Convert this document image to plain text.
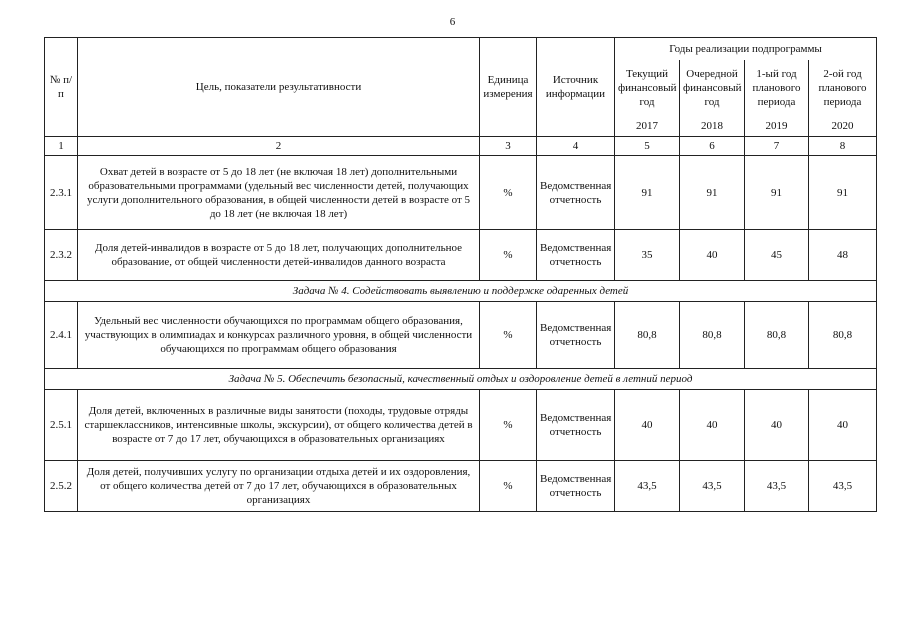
6
№ п/п	Цель, показатели результативности	Единица измерения	Источник информации	Годы реализации подпрограммы			
				Текущий финансовый год	Очередной финансовый год	1-ый год планового периода	2-ой год планового периода
				2017	2018	2019	2020
1	2	3	4	5	6	7	8
2.3.1	Охват детей в возрасте от 5 до 18 лет (не включая 18 лет) дополнительными образовательными программами (удельный вес численности детей, получающих услуги дополнительного образования, в общей численности детей в возрасте от 5 до 18 лет (не включая 18 лет)	%	Ведомственная отчетность	91	91	91	91
2.3.2	Доля детей-инвалидов в возрасте от 5 до 18 лет, получающих дополнительное образование, от общей численности детей-инвалидов данного возраста	%	Ведомственная отчетность	35	40	45	48
Задача № 4. Содействовать выявлению и поддержке одаренных детей							
2.4.1	Удельный вес численности обучающихся по программам общего образования, участвующих в олимпиадах и конкурсах различного уровня, в общей численности обучающихся по программам общего образования	%	Ведомственная отчетность	80,8	80,8	80,8	80,8
Задача № 5. Обеспечить безопасный, качественный отдых и оздоровление детей в летний период							
2.5.1	Доля детей, включенных в различные виды занятости (походы, трудовые отряды старшеклассников, интенсивные школы, экскурсии), от общего количества детей в возрасте от 7 до 17 лет, обучающихся в образовательных организациях	%	Ведомственная отчетность	40	40	40	40
2.5.2	Доля детей, получивших услугу по организации отдыха детей и их оздоровления, от общего количества детей от 7 до 17 лет, обучающихся в образовательных организациях	%	Ведомственная отчетность	43,5	43,5	43,5	43,5
